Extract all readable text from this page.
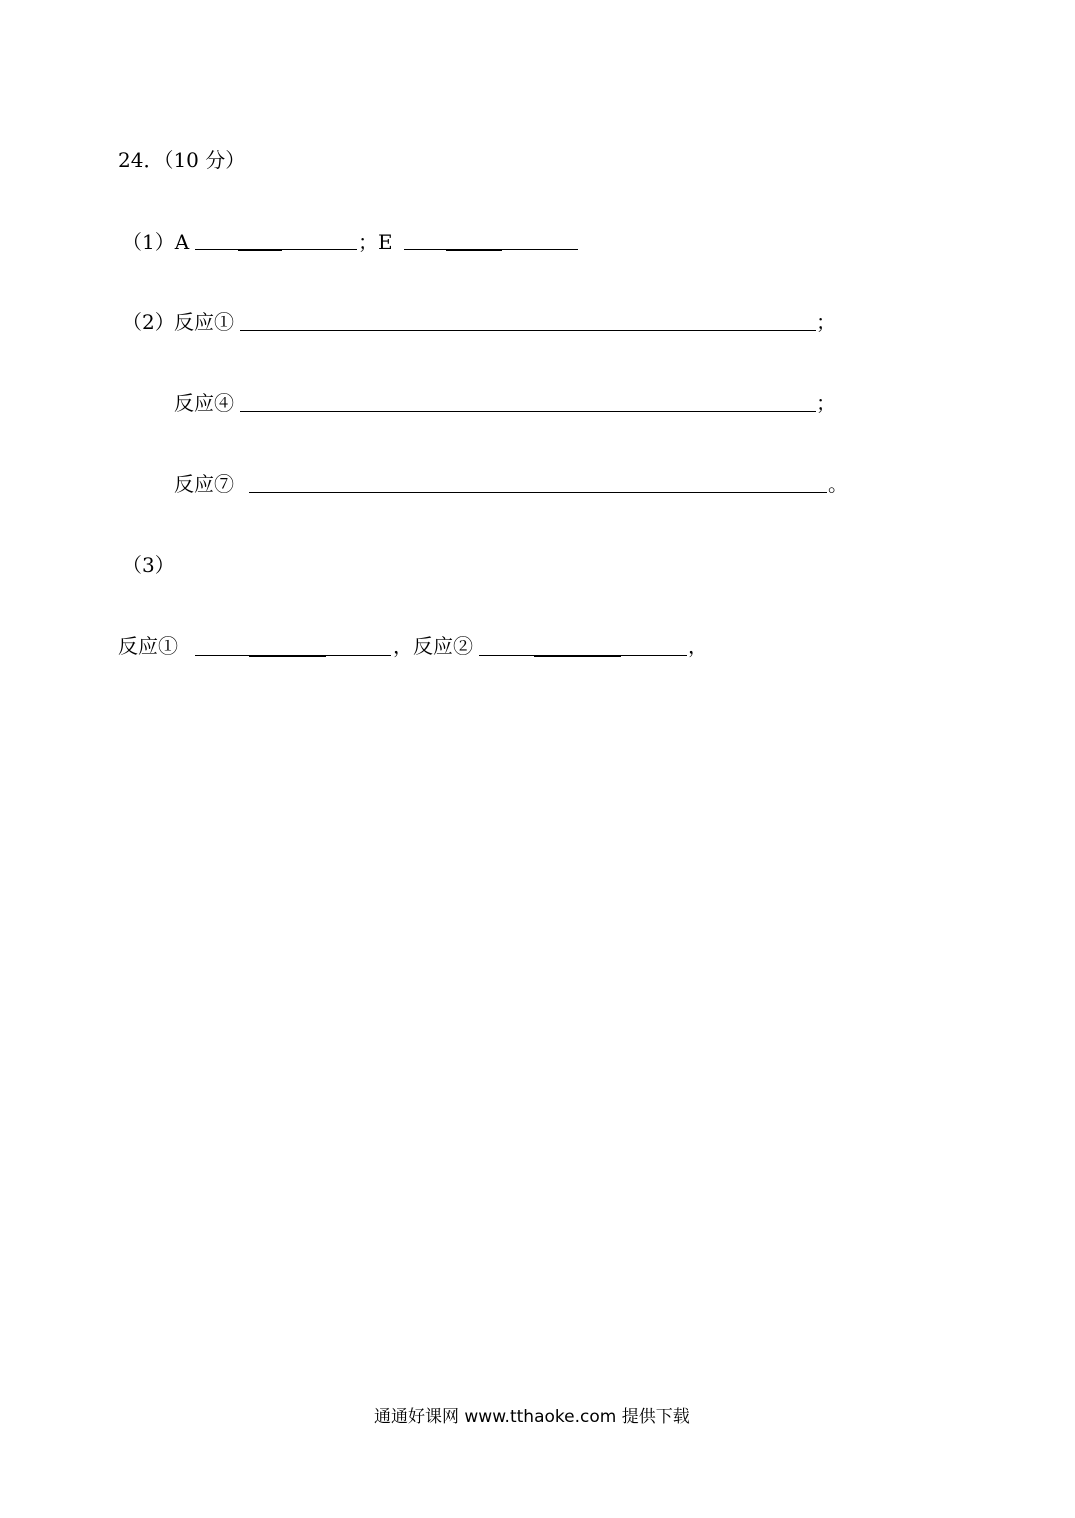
24．（10 分）
（1）A	；E
（2） 反应①	；
反应④	；
反应⑦	。
（3）
反应①	，反应②	，
通通好课网 www.tthaoke.com 提供下载
